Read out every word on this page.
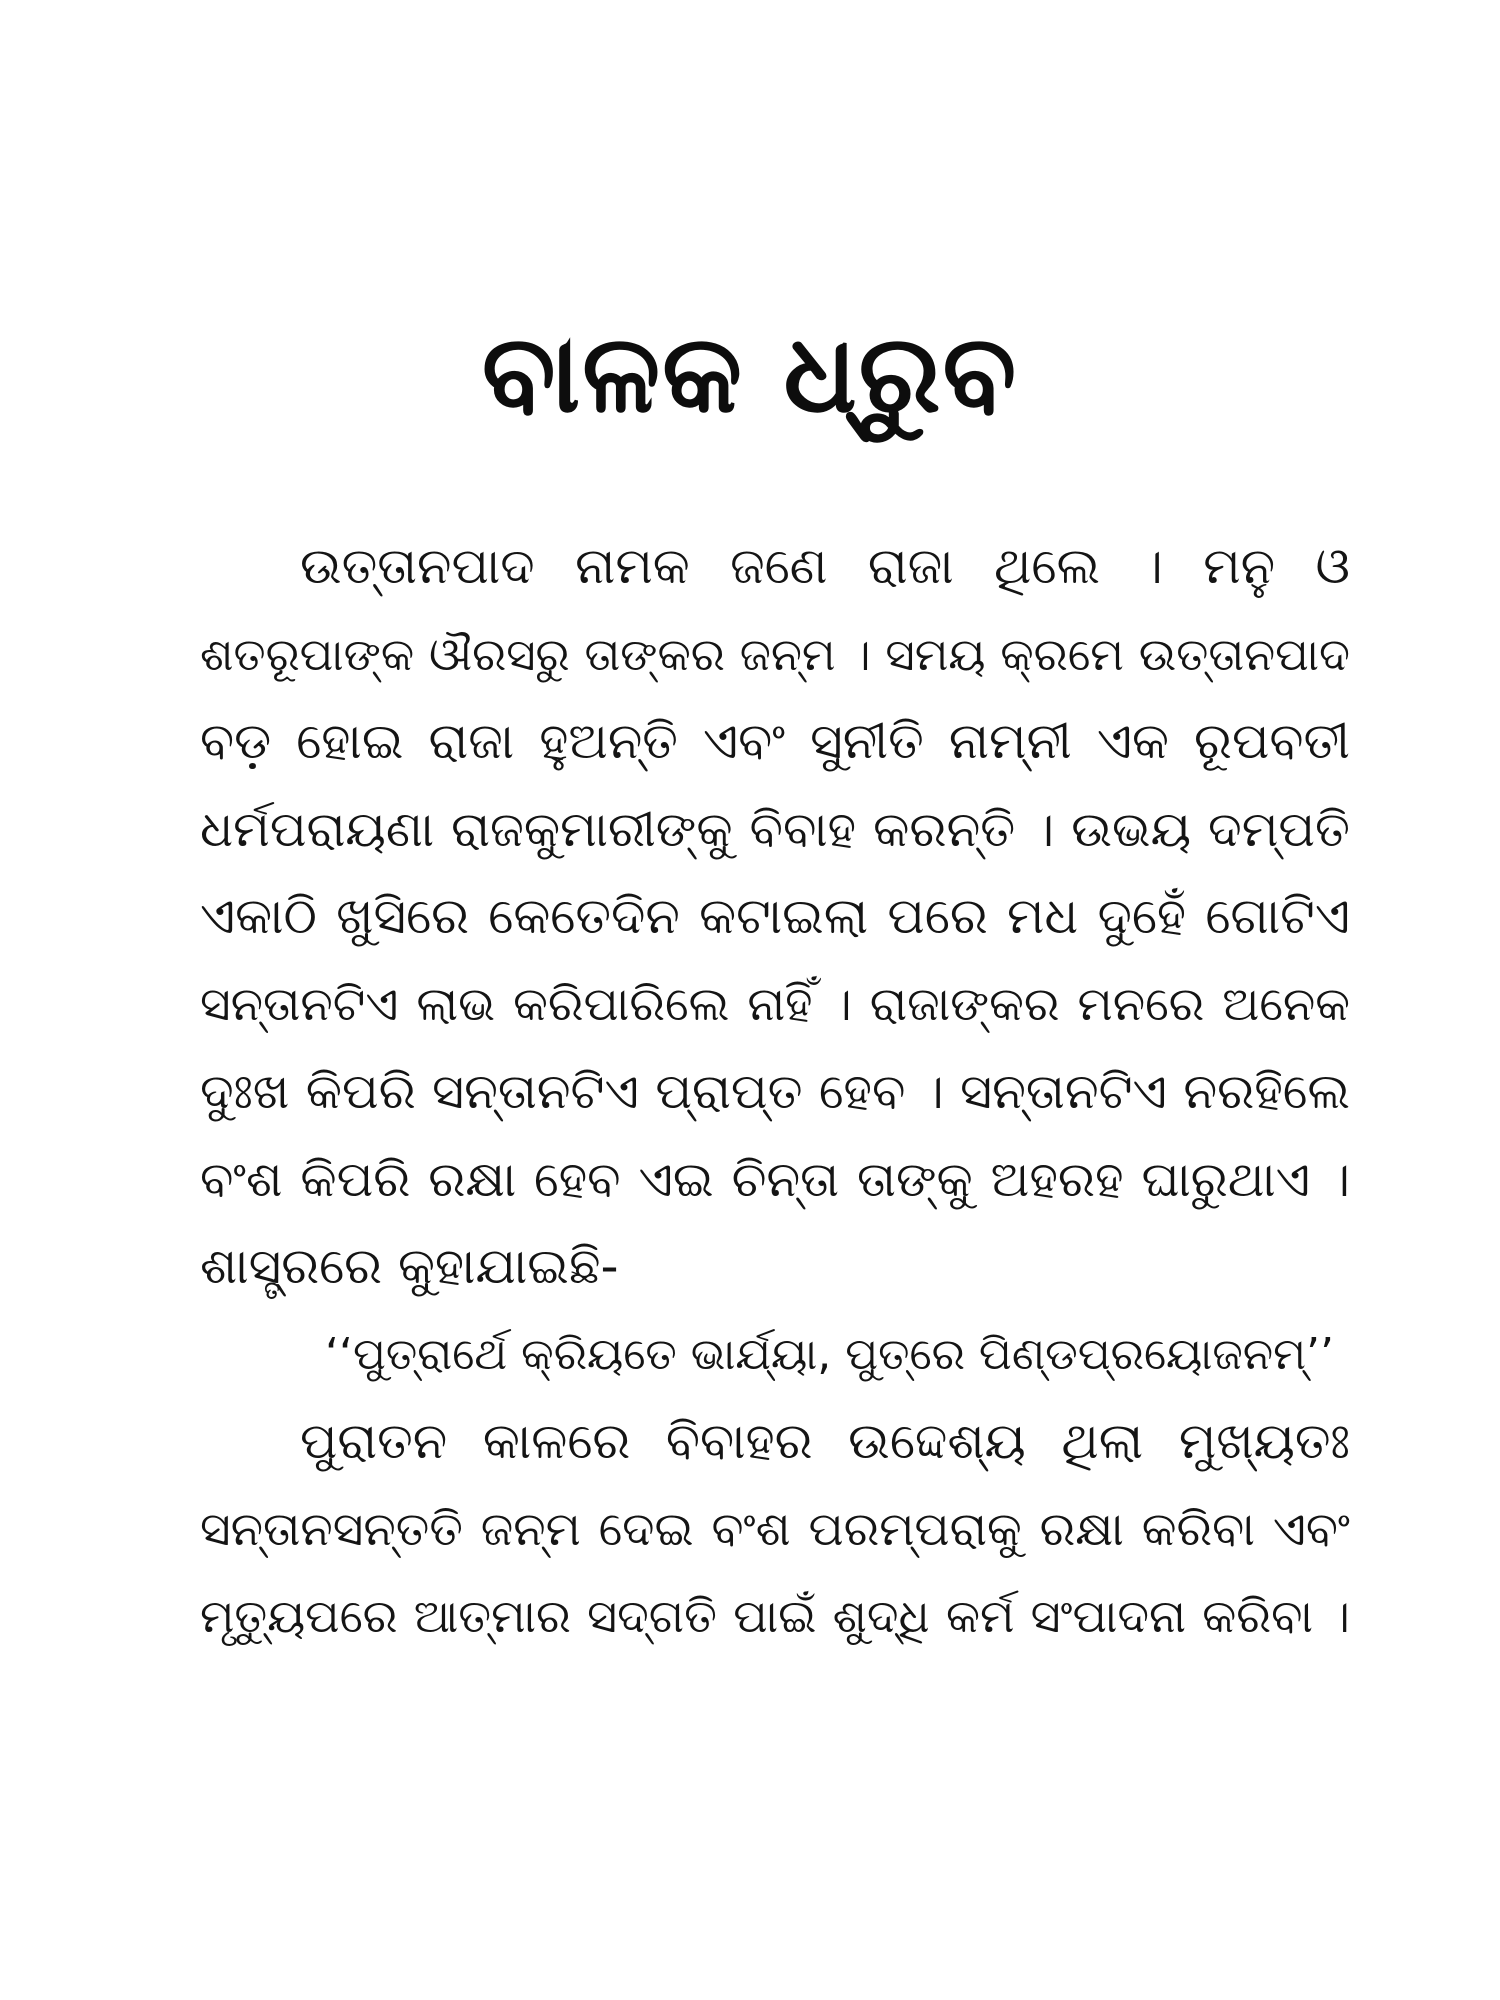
ବାଳକ ଧ୍ରୁବ
ଉତ୍ତାନପାଦ ନାମକ ଜଣେ ରାଜା ଥିଲେ । ମନୁ ଓ
ଶତରୂପାଙ୍କ ଔରସରୁ ତାଙ୍କର ଜନ୍ମ । ସମୟ କ୍ରମେ ଉତ୍ତାନପାଦ
ବଡ଼ ହୋଇ ରାଜା ହୁଅନ୍ତି ଏବଂ ସୁନୀତି ନାମ୍ନୀ ଏକ ରୂପବତୀ
ଧର୍ମପରାୟଣା ରାଜକୁମାରୀଙ୍କୁ ବିବାହ କରନ୍ତି । ଉଭୟ ଦମ୍ପତି
ଏକାଠି ଖୁସିରେ କେତେଦିନ କଟାଇଲା ପରେ ମଧ ଦୁହେଁ ଗୋଟିଏ
ସନ୍ତାନଟିଏ ଲାଭ କରିପାରିଲେ ନାହିଁ । ରାଜାଙ୍କର ମନରେ ଅନେକ
ଦୁଃଖ କିପରି ସନ୍ତାନଟିଏ ପ୍ରାପ୍ତ ହେବ । ସନ୍ତାନଟିଏ ନରହିଲେ
ବଂଶ କିପରି ରକ୍ଷା ହେବ ଏଇ ଚିନ୍ତା ତାଙ୍କୁ ଅହରହ ଘାରୁଥାଏ ।
ଶାସ୍ତ୍ରରେ କୁହାଯାଇଛି-
‘‘ପୁତ୍ରାର୍ଥେ କ୍ରିୟତେ ଭାର୍ଯ୍ୟା, ପୁତ୍ରେ ପିଣ୍ଡପ୍ରୟୋଜନମ୍’’
ପୁରାତନ କାଳରେ ବିବାହର ଉଦ୍ଦେଶ୍ୟ ଥିଲା ମୁଖ୍ୟତଃ
ସନ୍ତାନସନ୍ତତି ଜନ୍ମ ଦେଇ ବଂଶ ପରମ୍ପରାକୁ ରକ୍ଷା କରିବା ଏବଂ
ମୃତ୍ୟୁପରେ ଆତ୍ମାର ସଦ୍‌ଗତି ପାଇଁ ଶୁଦ୍ଧି କର୍ମ ସଂପାଦନା କରିବା ।
